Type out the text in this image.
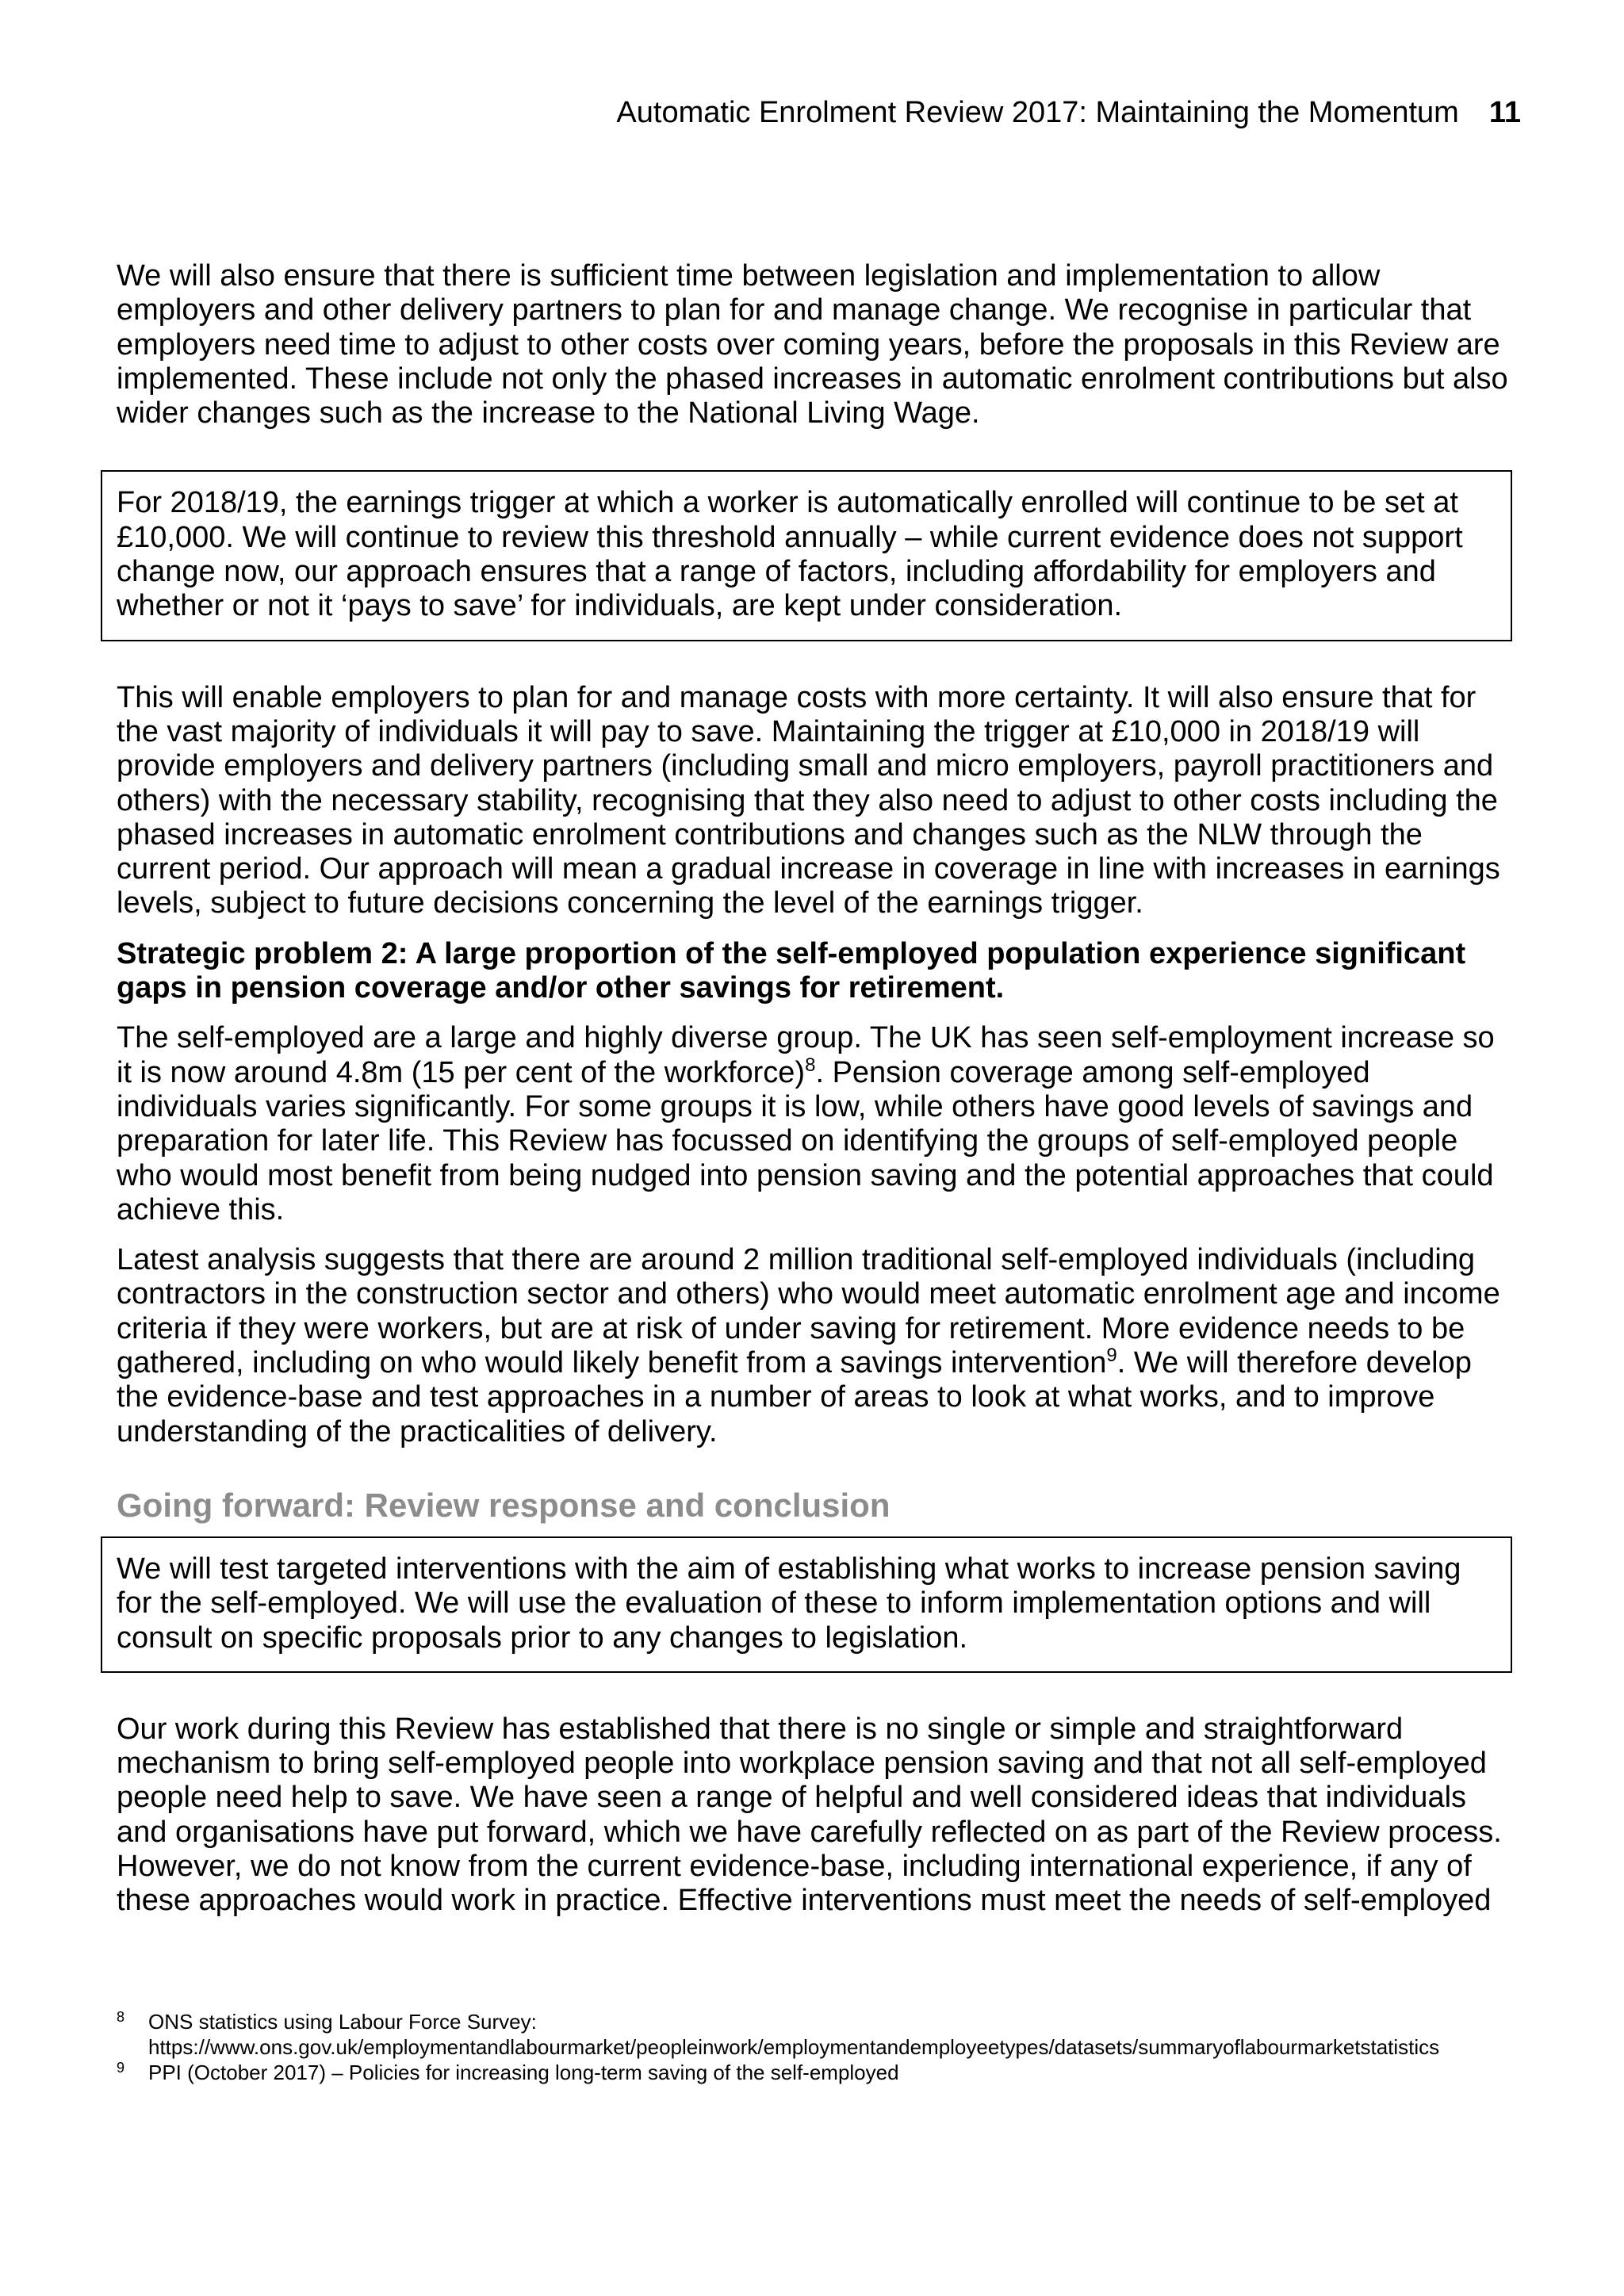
Automatic Enrolment Review 2017: Maintaining the Momentum 11

We will also ensure that there is sufficient time between legislation and implementation to allow employers and other delivery partners to plan for and manage change. We recognise in particular that employers need time to adjust to other costs over coming years, before the proposals in this Review are implemented. These include not only the phased increases in automatic enrolment contributions but also wider changes such as the increase to the National Living Wage.

For 2018/19, the earnings trigger at which a worker is automatically enrolled will continue to be set at £10,000. We will continue to review this threshold annually – while current evidence does not support change now, our approach ensures that a range of factors, including affordability for employers and whether or not it ‘pays to save’ for individuals, are kept under consideration.

This will enable employers to plan for and manage costs with more certainty. It will also ensure that for the vast majority of individuals it will pay to save. Maintaining the trigger at £10,000 in 2018/19 will provide employers and delivery partners (including small and micro employers, payroll practitioners and others) with the necessary stability, recognising that they also need to adjust to other costs including the phased increases in automatic enrolment contributions and changes such as the NLW through the current period. Our approach will mean a gradual increase in coverage in line with increases in earnings levels, subject to future decisions concerning the level of the earnings trigger.

Strategic problem 2: A large proportion of the self-employed population experience significant gaps in pension coverage and/or other savings for retirement.

The self-employed are a large and highly diverse group. The UK has seen self-employment increase so it is now around 4.8m (15 per cent of the workforce)$^8$. Pension coverage among self-employed individuals varies significantly. For some groups it is low, while others have good levels of savings and preparation for later life. This Review has focussed on identifying the groups of self-employed people who would most benefit from being nudged into pension saving and the potential approaches that could achieve this.

Latest analysis suggests that there are around 2 million traditional self-employed individuals (including contractors in the construction sector and others) who would meet automatic enrolment age and income criteria if they were workers, but are at risk of under saving for retirement. More evidence needs to be gathered, including on who would likely benefit from a savings intervention$^9$. We will therefore develop the evidence-base and test approaches in a number of areas to look at what works, and to improve understanding of the practicalities of delivery.

Going forward: Review response and conclusion

We will test targeted interventions with the aim of establishing what works to increase pension saving for the self-employed. We will use the evaluation of these to inform implementation options and will consult on specific proposals prior to any changes to legislation.

Our work during this Review has established that there is no single or simple and straightforward mechanism to bring self-employed people into workplace pension saving and that not all self-employed people need help to save. We have seen a range of helpful and well considered ideas that individuals and organisations have put forward, which we have carefully reflected on as part of the Review process. However, we do not know from the current evidence-base, including international experience, if any of these approaches would work in practice. Effective interventions must meet the needs of self-employed

8 ONS statistics using Labour Force Survey:
https://www.ons.gov.uk/employmentandlabourmarket/peopleinwork/employmentandemployeetypes/datasets/summaryoflabourmarketstatistics
9 PPI (October 2017) – Policies for increasing long-term saving of the self-employed
